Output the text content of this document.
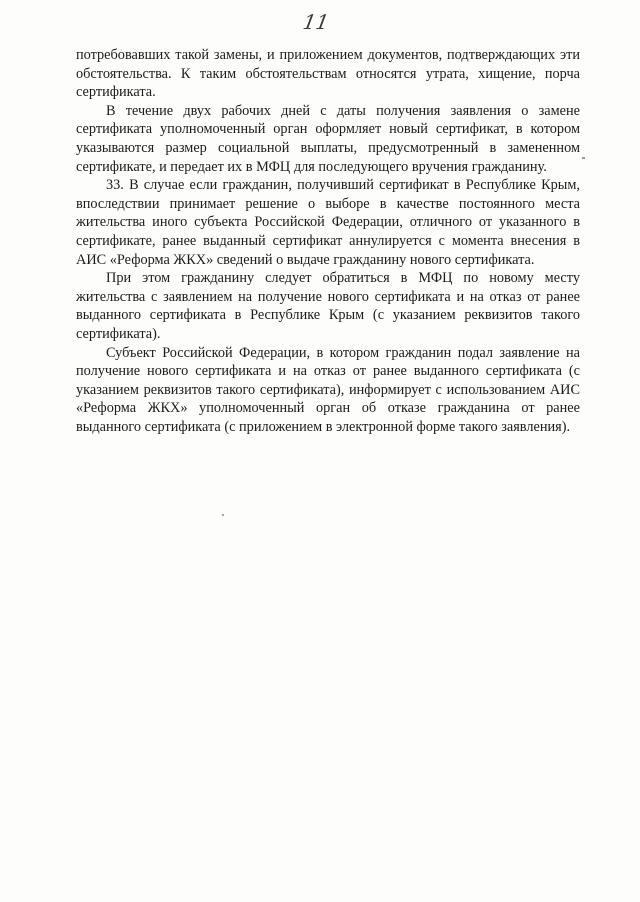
11

потребовавших такой замены, и приложением документов, подтверждающих эти обстоятельства. К таким обстоятельствам относятся утрата, хищение, порча сертификата.

В течение двух рабочих дней с даты получения заявления о замене сертификата уполномоченный орган оформляет новый сертификат, в котором указываются размер социальной выплаты, предусмотренный в замененном сертификате, и передает их в МФЦ для последующего вручения гражданину.

33. В случае если гражданин, получивший сертификат в Республике Крым, впоследствии принимает решение о выборе в качестве постоянного места жительства иного субъекта Российской Федерации, отличного от указанного в сертификате, ранее выданный сертификат аннулируется с момента внесения в АИС «Реформа ЖКХ» сведений о выдаче гражданину нового сертификата.

При этом гражданину следует обратиться в МФЦ по новому месту жительства с заявлением на получение нового сертификата и на отказ от ранее выданного сертификата в Республике Крым (с указанием реквизитов такого сертификата).

Субъект Российской Федерации, в котором гражданин подал заявление на получение нового сертификата и на отказ от ранее выданного сертификата (с указанием реквизитов такого сертификата), информирует с использованием АИС «Реформа ЖКХ» уполномоченный орган об отказе гражданина от ранее выданного сертификата (с приложением в электронной форме такого заявления).
